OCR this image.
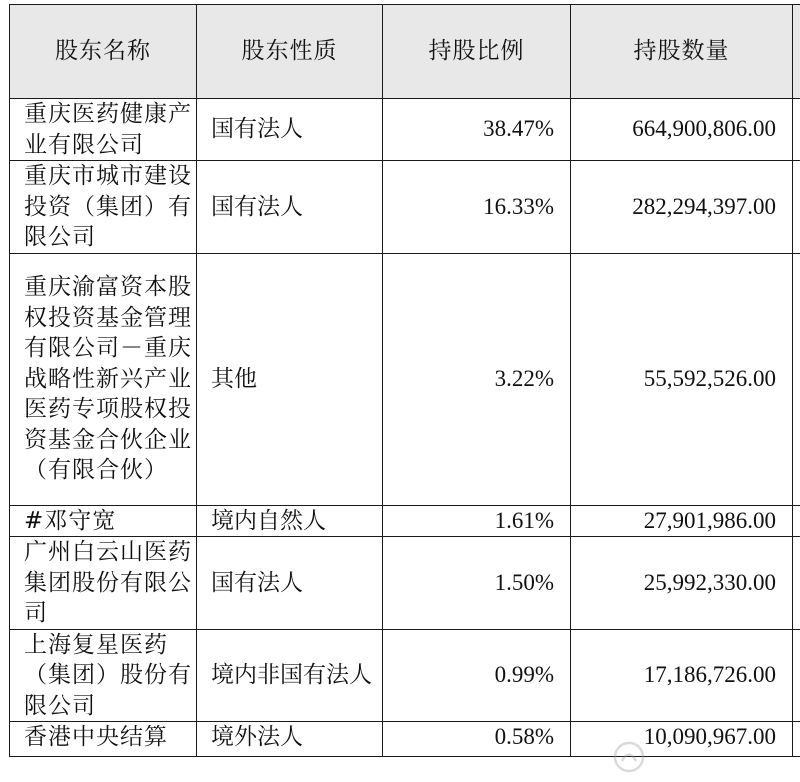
股东名称	股东性质	持股比例	持股数量	
重庆医药健康产业有限公司	国有法人	38.47%	664,900,806.00	
重庆市城市建设投资（集团）有限公司	国有法人	16.33%	282,294,397.00	
重庆渝富资本股权投资基金管理有限公司－重庆战略性新兴产业医药专项股权投资基金合伙企业（有限合伙）	其他	3.22%	55,592,526.00	
#邓守宽	境内自然人	1.61%	27,901,986.00	
广州白云山医药集团股份有限公司	国有法人	1.50%	25,992,330.00	
上海复星医药（集团）股份有限公司	境内非国有法人	0.99%	17,186,726.00	
香港中央结算	境外法人	0.58%	10,090,967.00	
